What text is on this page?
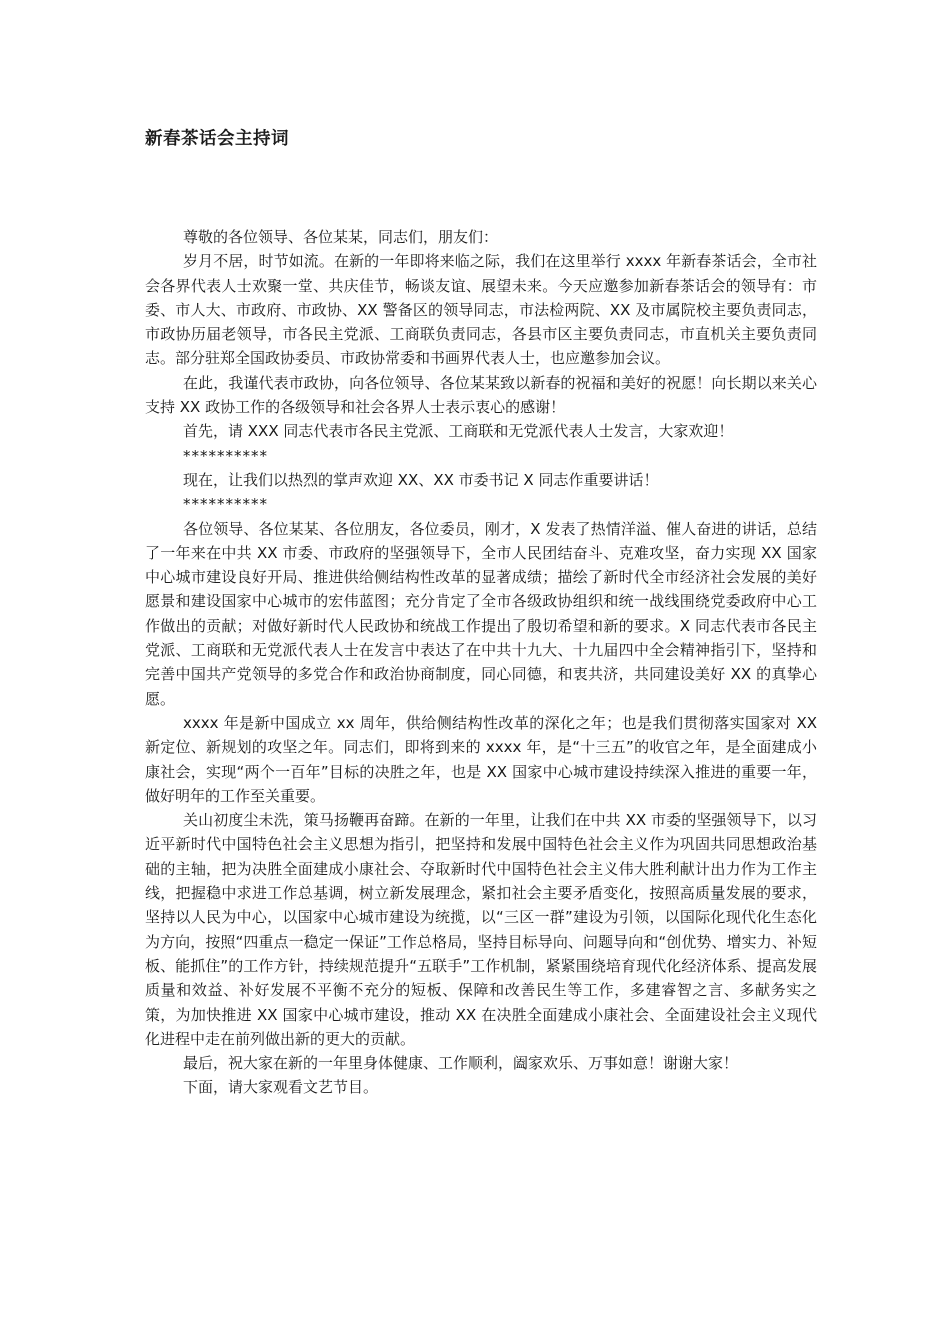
新春茶话会主持词

尊敬的各位领导、各位某某，同志们，朋友们：

岁月不居，时节如流。在新的一年即将来临之际，我们在这里举行 xxxx 年新春茶话会，全市社会各界代表人士欢聚一堂、共庆佳节，畅谈友谊、展望未来。今天应邀参加新春茶话会的领导有：市委、市人大、市政府、市政协、XX 警备区的领导同志，市法检两院、XX 及市属院校主要负责同志，市政协历届老领导，市各民主党派、工商联负责同志，各县市区主要负责同志，市直机关主要负责同志。部分驻郑全国政协委员、市政协常委和书画界代表人士，也应邀参加会议。

在此，我谨代表市政协，向各位领导、各位某某致以新春的祝福和美好的祝愿！向长期以来关心支持 XX 政协工作的各级领导和社会各界人士表示衷心的感谢！

首先，请 XXX 同志代表市各民主党派、工商联和无党派代表人士发言，大家欢迎！

**********

现在，让我们以热烈的掌声欢迎 XX、XX 市委书记 X 同志作重要讲话！

**********

各位领导、各位某某、各位朋友，各位委员，刚才，X 发表了热情洋溢、催人奋进的讲话，总结了一年来在中共 XX 市委、市政府的坚强领导下，全市人民团结奋斗、克难攻坚，奋力实现 XX 国家中心城市建设良好开局、推进供给侧结构性改革的显著成绩；描绘了新时代全市经济社会发展的美好愿景和建设国家中心城市的宏伟蓝图；充分肯定了全市各级政协组织和统一战线围绕党委政府中心工作做出的贡献；对做好新时代人民政协和统战工作提出了殷切希望和新的要求。X 同志代表市各民主党派、工商联和无党派代表人士在发言中表达了在中共十九大、十九届四中全会精神指引下，坚持和完善中国共产党领导的多党合作和政治协商制度，同心同德，和衷共济，共同建设美好 XX 的真挚心愿。

xxxx 年是新中国成立 xx 周年，供给侧结构性改革的深化之年；也是我们贯彻落实国家对 XX 新定位、新规划的攻坚之年。同志们，即将到来的 xxxx 年，是“十三五”的收官之年，是全面建成小康社会，实现“两个一百年”目标的决胜之年，也是 XX 国家中心城市建设持续深入推进的重要一年，做好明年的工作至关重要。

关山初度尘未洗，策马扬鞭再奋蹄。在新的一年里，让我们在中共 XX 市委的坚强领导下，以习近平新时代中国特色社会主义思想为指引，把坚持和发展中国特色社会主义作为巩固共同思想政治基础的主轴，把为决胜全面建成小康社会、夺取新时代中国特色社会主义伟大胜利献计出力作为工作主线，把握稳中求进工作总基调，树立新发展理念，紧扣社会主要矛盾变化，按照高质量发展的要求，坚持以人民为中心，以国家中心城市建设为统揽，以“三区一群”建设为引领，以国际化现代化生态化为方向，按照“四重点一稳定一保证”工作总格局，坚持目标导向、问题导向和“创优势、增实力、补短板、能抓住”的工作方针，持续规范提升“五联手”工作机制，紧紧围绕培育现代化经济体系、提高发展质量和效益、补好发展不平衡不充分的短板、保障和改善民生等工作，多建睿智之言、多献务实之策，为加快推进 XX 国家中心城市建设，推动 XX 在决胜全面建成小康社会、全面建设社会主义现代化进程中走在前列做出新的更大的贡献。

最后，祝大家在新的一年里身体健康、工作顺利，阖家欢乐、万事如意！谢谢大家！

下面，请大家观看文艺节目。
